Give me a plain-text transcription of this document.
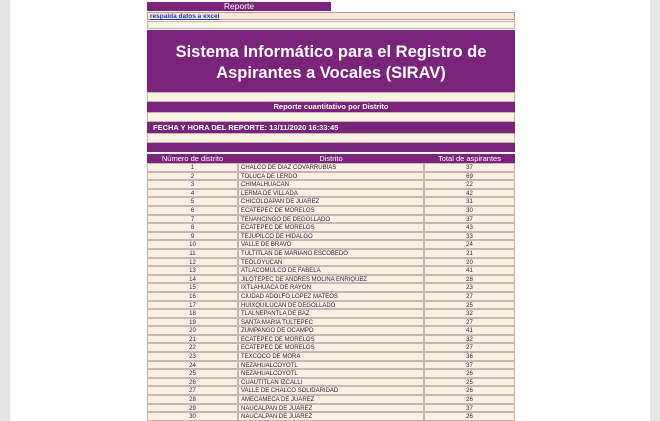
Reporte
respalda datos a excel
Sistema Informático para el Registro de
Aspirantes a Vocales (SIRAV)
Reporte cuantitativo por Distrito
FECHA Y HORA DEL REPORTE: 13/11/2020 16:33:45
Número de distrito	Distrito	Total de aspirantes
1	CHALCO DE DIAZ COVARRUBIAS	37
2	TOLUCA DE LERDO	69
3	CHIMALHUACAN	22
4	LERMA DE VILLADA	42
5	CHICOLOAPAN DE JUAREZ	31
6	ECATEPEC DE MORELOS	30
7	TENANCINGO DE DEGOLLADO	37
8	ECATEPEC DE MORELOS	43
9	TEJUPILCO DE HIDALGO	33
10	VALLE DE BRAVO	24
11	TULTITLAN DE MARIANO ESCOBEDO	21
12	TEOLOYUCAN	20
13	ATLACOMULCO DE FABELA	41
14	JILOTEPEC DE ANDRES MOLINA ENRIQUEZ	28
15	IXTLAHUACA DE RAYON	23
16	CIUDAD ADOLFO LOPEZ MATEOS	27
17	HUIXQUILUCAN DE DEGOLLADO	25
18	TLALNEPANTLA DE BAZ	32
19	SANTA MARIA TULTEPEC	27
20	ZUMPANGO DE OCAMPO	41
21	ECATEPEC DE MORELOS	32
22	ECATEPEC DE MORELOS	27
23	TEXCOCO DE MORA	36
24	NEZAHUALCOYOTL	37
25	NEZAHUALCOYOTL	26
26	CUAUTITLAN IZCALLI	25
27	VALLE DE CHALCO SOLIDARIDAD	26
28	AMECAMECA DE JUAREZ	26
29	NAUCALPAN DE JUAREZ	37
30	NAUCALPAN DE JUAREZ	26
